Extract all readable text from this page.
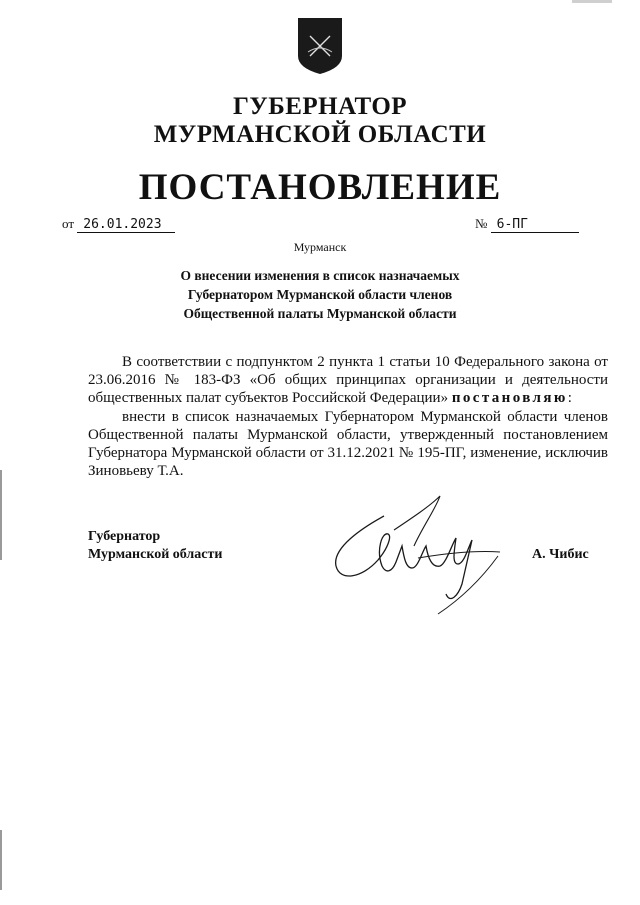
ГУБЕРНАТОР
МУРМАНСКОЙ ОБЛАСТИ
ПОСТАНОВЛЕНИЕ
от 26.01.2023	№ 6-ПГ
Мурманск
О внесении изменения в список назначаемых
Губернатором Мурманской области членов
Общественной палаты Мурманской области
В соответствии с подпунктом 2 пункта 1 статьи 10 Федерального закона от 23.06.2016 № 183-ФЗ «Об общих принципах организации и деятельности общественных палат субъектов Российской Федерации» постановляю:
внести в список назначаемых Губернатором Мурманской области членов Общественной палаты Мурманской области, утвержденный постановлением Губернатора Мурманской области от 31.12.2021 № 195-ПГ, изменение, исключив Зиновьеву Т.А.
Губернатор
Мурманской области	А. Чибис
